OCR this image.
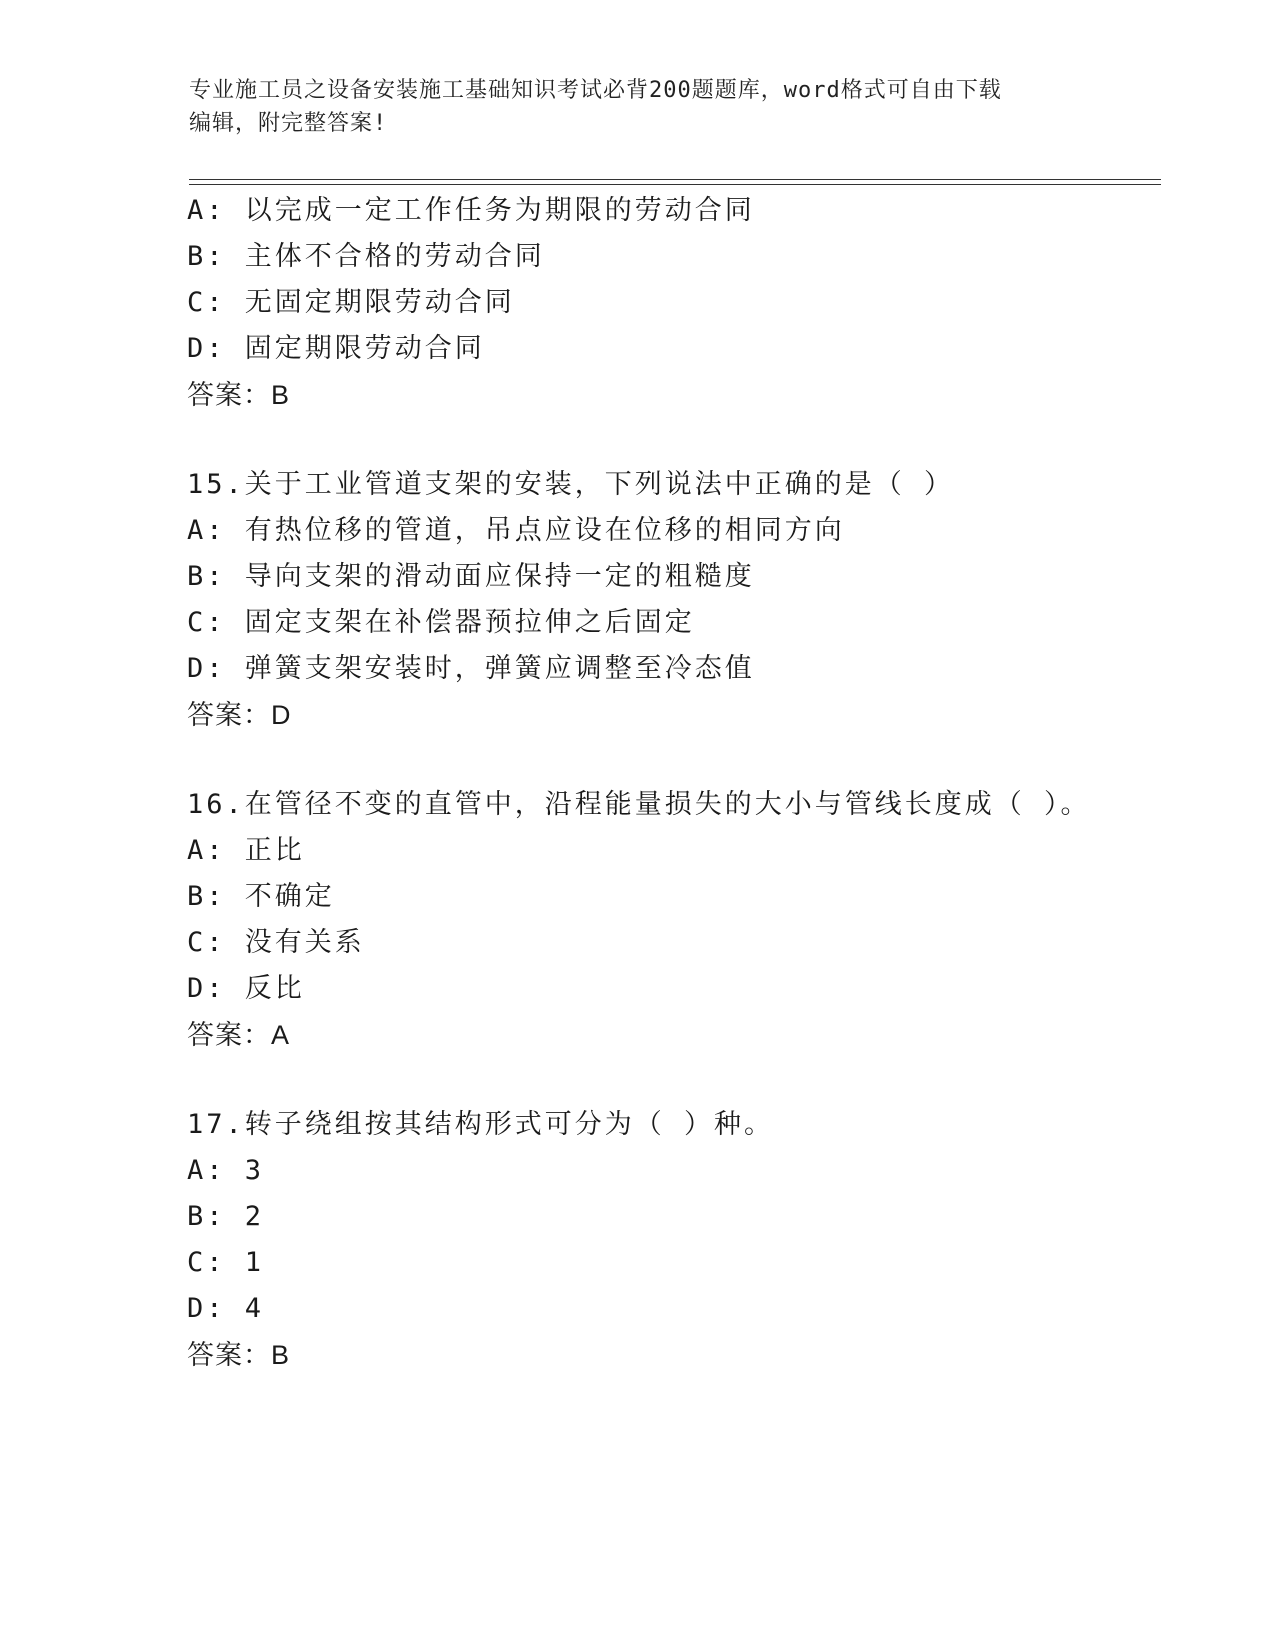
专业施工员之设备安装施工基础知识考试必背200题题库，word格式可自由下载
编辑，附完整答案!
A: 以完成一定工作任务为期限的劳动合同
B: 主体不合格的劳动合同
C: 无固定期限劳动合同
D: 固定期限劳动合同
答案：B
15.关于工业管道支架的安装，下列说法中正确的是（ ）
A: 有热位移的管道，吊点应设在位移的相同方向
B: 导向支架的滑动面应保持一定的粗糙度
C: 固定支架在补偿器预拉伸之后固定
D: 弹簧支架安装时，弹簧应调整至冷态值
答案：D
16.在管径不变的直管中，沿程能量损失的大小与管线长度成（ ）。
A: 正比
B: 不确定
C: 没有关系
D: 反比
答案：A
17.转子绕组按其结构形式可分为（ ）种。
A: 3
B: 2
C: 1
D: 4
答案：B
